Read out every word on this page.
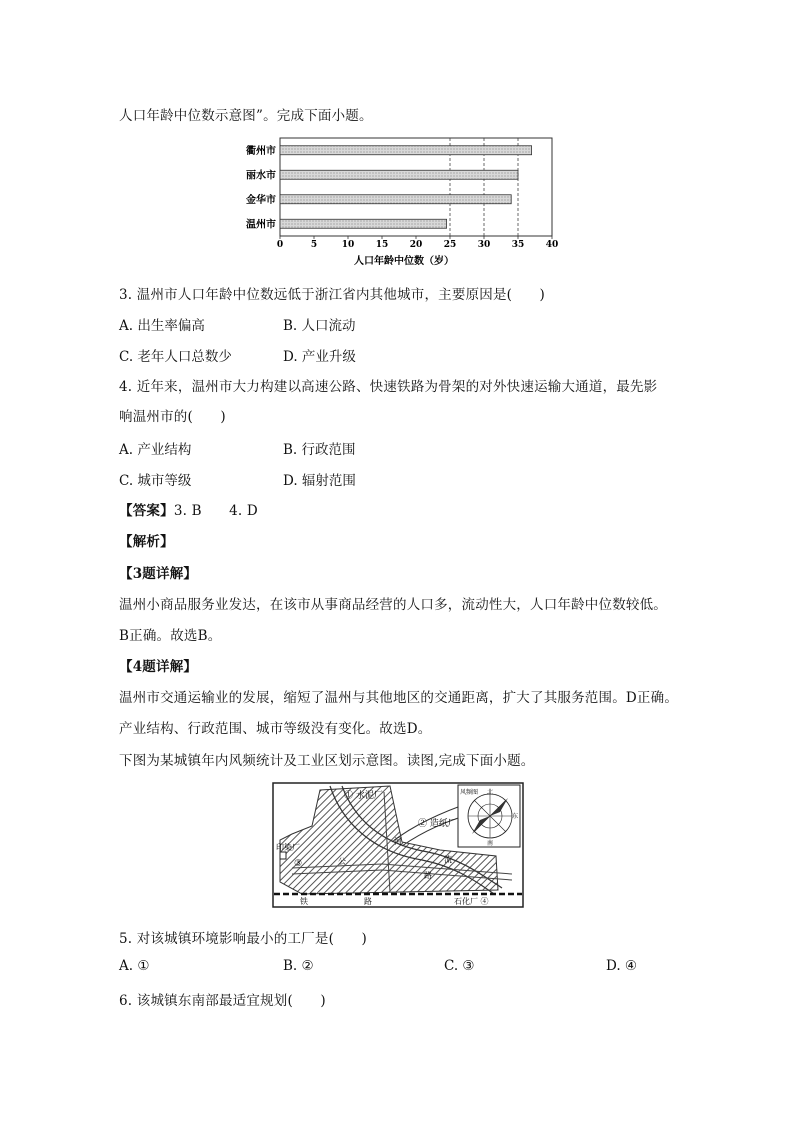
人口年龄中位数示意图”。完成下面小题。
0	5	10 15 20 25 30 35 40
衢州市
丽水市
金华市
温州市
人口年龄中位数（岁）
3. 温州市人口年龄中位数远低于浙江省内其他城市，主要原因是(　　)
A. 出生率偏高	B. 人口流动
C. 老年人口总数少	D. 产业升级
4. 近年来，温州市大力构建以高速公路、快速铁路为骨架的对外快速运输大通道，最先影
响温州市的(　　)
A. 产业结构	B. 行政范围
C. 城市等级	D. 辐射范围
【答案】3. B　　4. D
【解析】
【3题详解】
温州小商品服务业发达，在该市从事商品经营的人口多，流动性大，人口年龄中位数较低。
B正确。故选B。
【4题详解】
温州市交通运输业的发展，缩短了温州与其他地区的交通距离，扩大了其服务范围。D正确。
产业结构、行政范围、城市等级没有变化。故选D。
下图为某城镇年内风频统计及工业区划示意图。读图,完成下面小题。
① 水泥厂
② 造纸厂
印染厂
③
石化厂 ④
河
流
公
路
铁	路
风频图 北
东
南
5. 对该城镇环境影响最小的工厂是(　　)
A. ①	B. ②	C. ③	D. ④
6. 该城镇东南部最适宜规划(　　)
